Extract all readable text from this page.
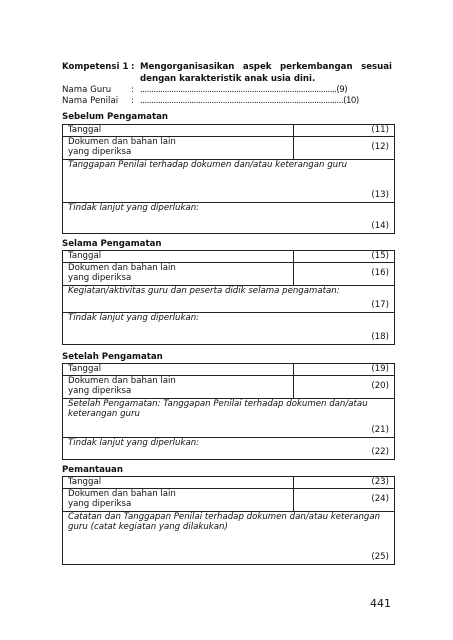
Kompetensi 1 : Mengorganisasikan aspek perkembangan sesuai dengan karakteristik anak usia dini.
Nama Guru : ........................................................................................(9)
Nama Penilai : ...........................................................................................(10)
Sebelum Pengamatan
Tanggal	(11)

Dokumen dan bahan lain
yang diperiksa	(12)

Tanggapan Penilai terhadap dokumen dan/atau keterangan guru
(13)	

Tindak lanjut yang diperlukan:
(14)	
Selama Pengamatan
Tanggal	(15)

Dokumen dan bahan lain
yang diperiksa	(16)

Kegiatan/aktivitas guru dan peserta didik selama pengamatan:
(17)	

Tindak lanjut yang diperlukan:
(18)	
Setelah Pengamatan
Tanggal	(19)

Dokumen dan bahan lain
yang diperiksa	(20)

Setelah Pengamatan: Tanggapan Penilai terhadap dokumen dan/atau keterangan guru
(21)	

Tindak lanjut yang diperlukan:
(22)	
Pemantauan
Tanggal	(23)

Dokumen dan bahan lain
yang diperiksa	(24)

Catatan dan Tanggapan Penilai terhadap dokumen dan/atau keterangan guru (catat kegiatan yang dilakukan)
(25)	
441
